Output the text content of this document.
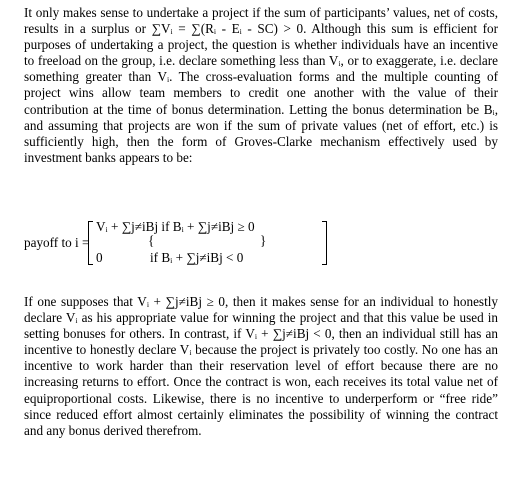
It only makes sense to undertake a project if the sum of participants’ values, net of costs, results in a surplus or ∑Vᵢ = ∑(Rᵢ - Eᵢ - SC) > 0. Although this sum is efficient for purposes of undertaking a project, the question is whether individuals have an incentive to freeload on the group, i.e. declare something less than Vᵢ, or to exaggerate, i.e. declare something greater than Vᵢ. The cross-evaluation forms and the multiple counting of project wins allow team members to credit one another with the value of their contribution at the time of bonus determination. Letting the bonus determination be Bᵢ, and assuming that projects are won if the sum of private values (net of effort, etc.) is sufficiently high, then the form of Groves-Clarke mechanism effectively used by investment banks appears to be:

Vᵢ + ∑j≠iBj if Bᵢ + ∑j≠iBj ≥ 0
payoff to i =	{	}
0	if Bᵢ + ∑j≠iBj < 0

If one supposes that Vᵢ + ∑j≠iBj ≥ 0, then it makes sense for an individual to honestly declare Vᵢ as his appropriate value for winning the project and that this value be used in setting bonuses for others. In contrast, if Vᵢ + ∑j≠iBj < 0, then an individual still has an incentive to honestly declare Vᵢ because the project is privately too costly. No one has an incentive to work harder than their reservation level of effort because there are no increasing returns to effort. Once the contract is won, each receives its total value net of equiproportional costs. Likewise, there is no incentive to underperform or “free ride” since reduced effort almost certainly eliminates the possibility of winning the contract and any bonus derived therefrom.
